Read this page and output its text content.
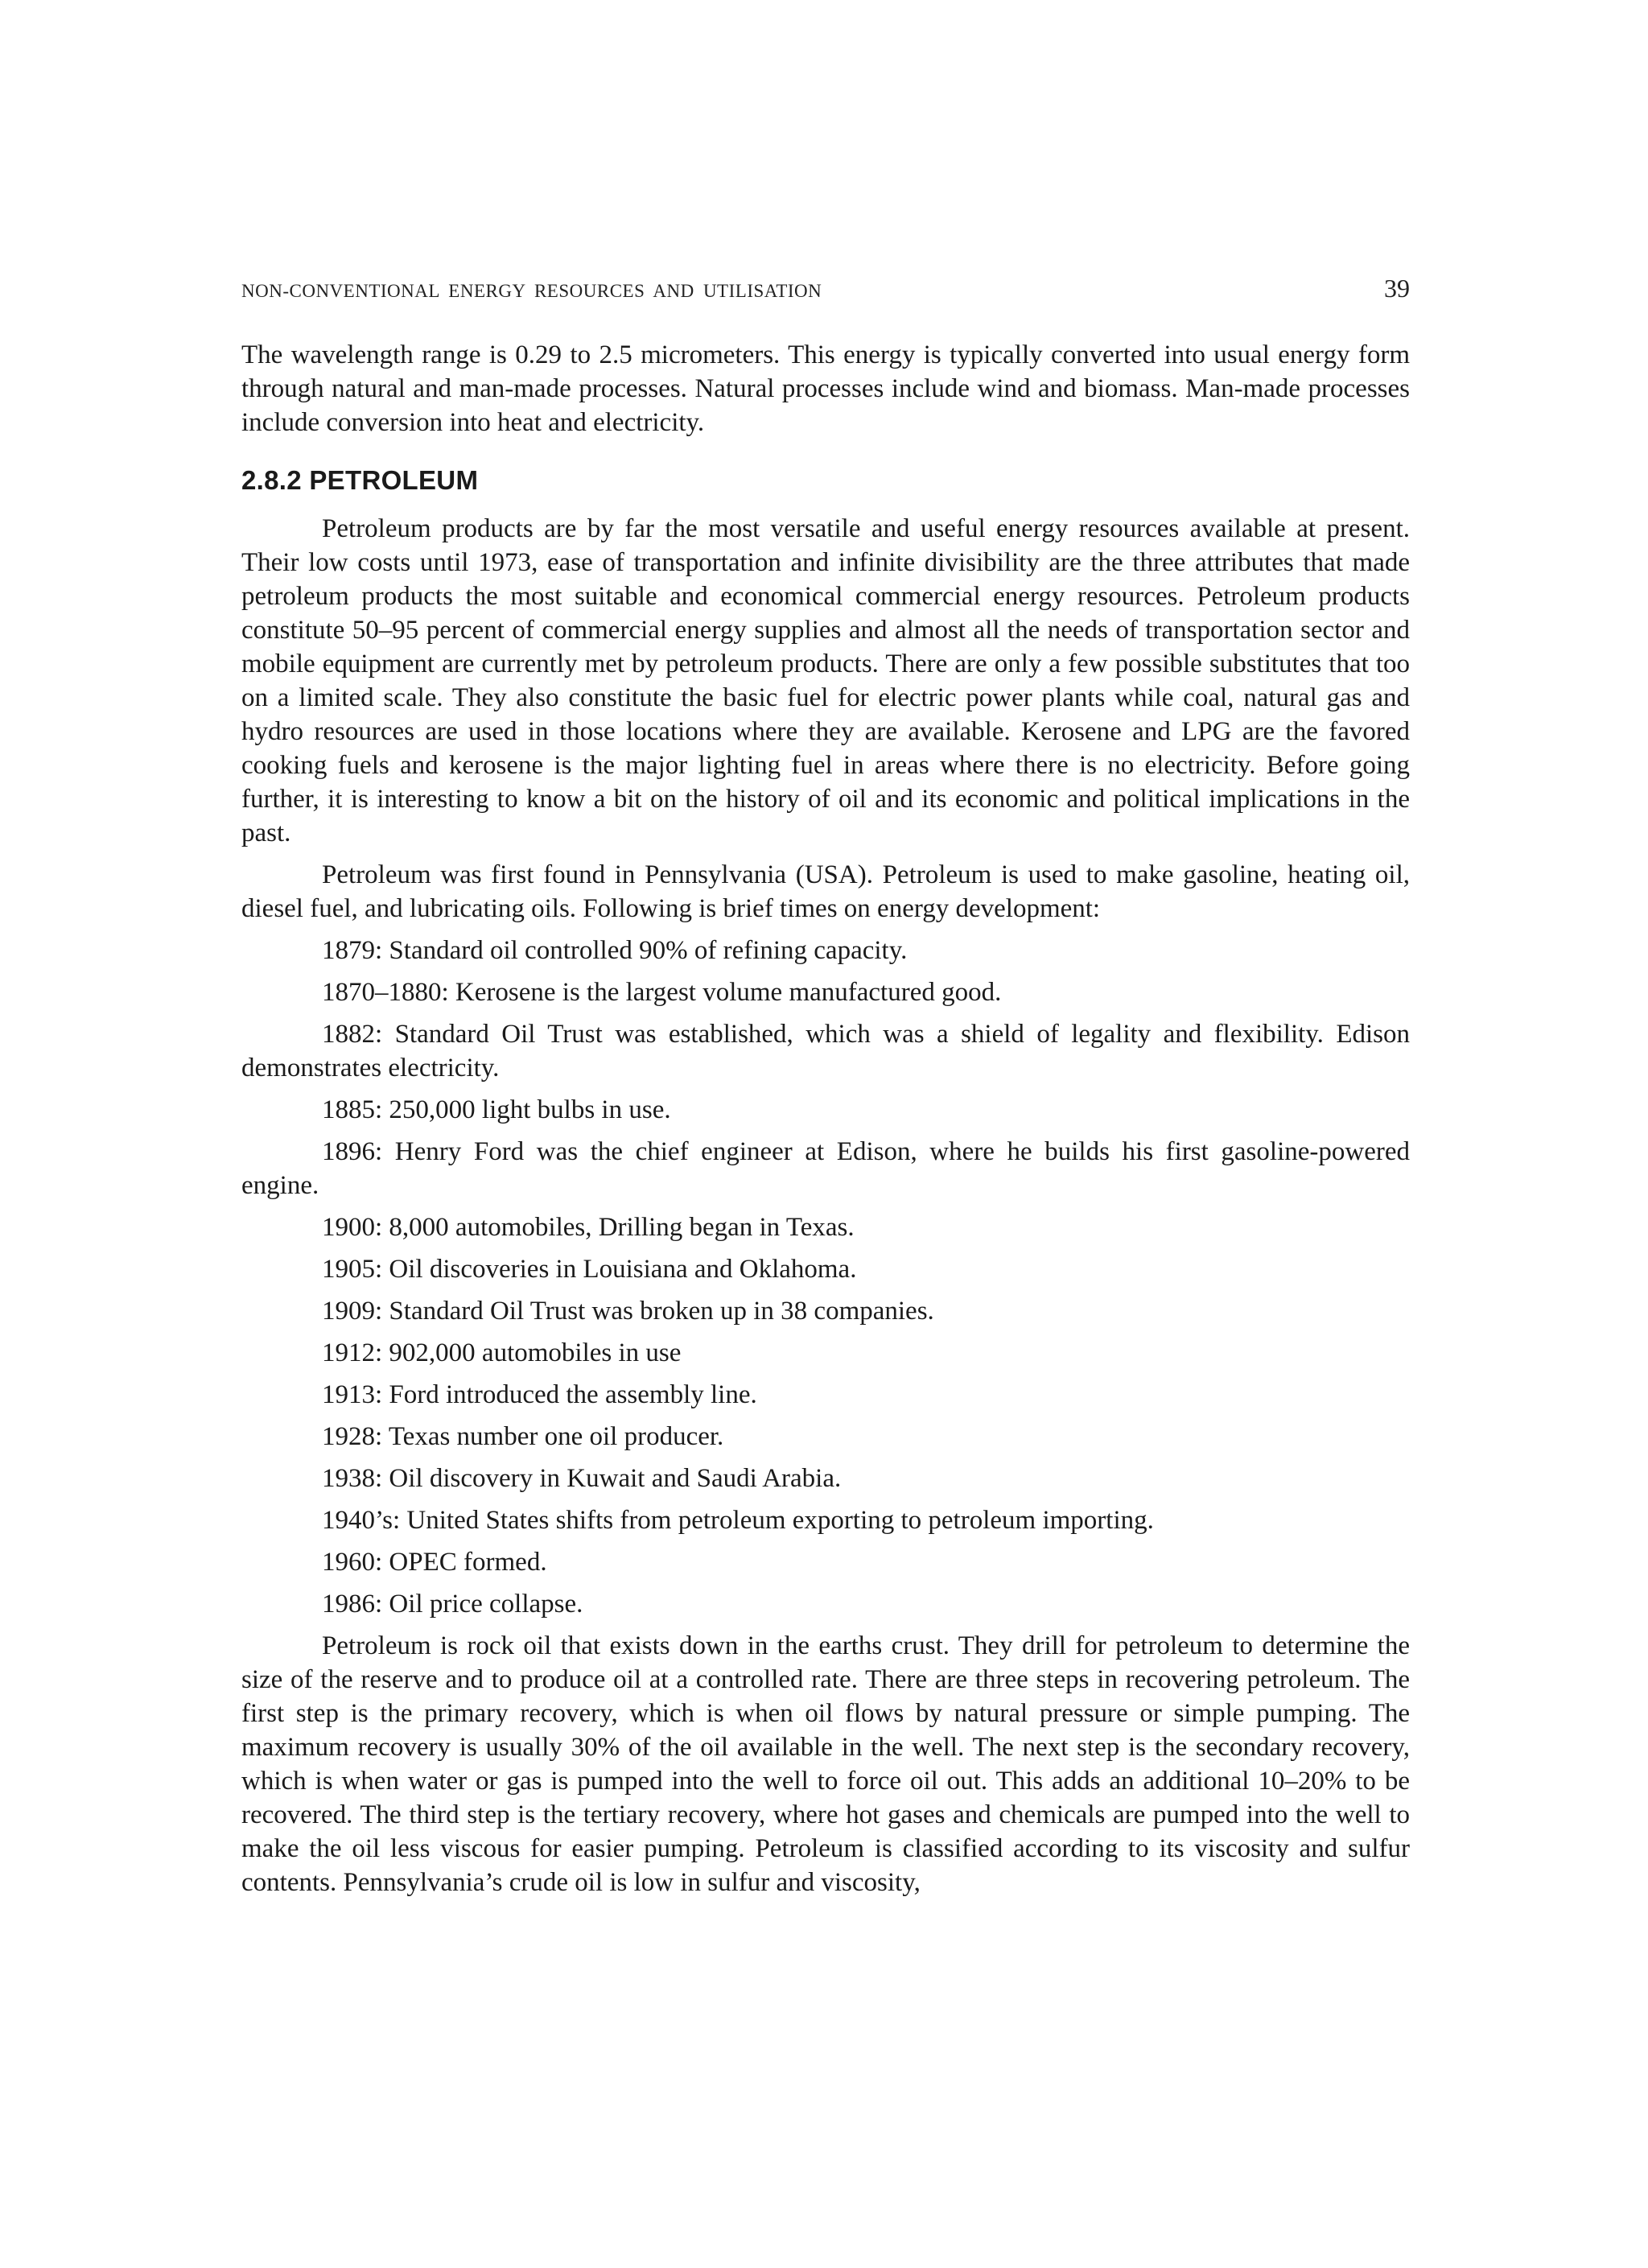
NON-CONVENTIONAL ENERGY RESOURCES AND UTILISATION	39

The wavelength range is 0.29 to 2.5 micrometers. This energy is typically converted into usual energy form through natural and man-made processes. Natural processes include wind and biomass. Man-made processes include conversion into heat and electricity.

2.8.2 PETROLEUM

Petroleum products are by far the most versatile and useful energy resources available at present. Their low costs until 1973, ease of transportation and infinite divisibility are the three attributes that made petroleum products the most suitable and economical commercial energy resources. Petroleum products constitute 50–95 percent of commercial energy supplies and almost all the needs of transportation sector and mobile equipment are currently met by petroleum products. There are only a few possible substitutes that too on a limited scale. They also constitute the basic fuel for electric power plants while coal, natural gas and hydro resources are used in those locations where they are available. Kerosene and LPG are the favored cooking fuels and kerosene is the major lighting fuel in areas where there is no electricity. Before going further, it is interesting to know a bit on the history of oil and its economic and political implications in the past.

Petroleum was first found in Pennsylvania (USA). Petroleum is used to make gasoline, heating oil, diesel fuel, and lubricating oils. Following is brief times on energy development:

1879: Standard oil controlled 90% of refining capacity.

1870–1880: Kerosene is the largest volume manufactured good.

1882: Standard Oil Trust was established, which was a shield of legality and flexibility. Edison demonstrates electricity.

1885: 250,000 light bulbs in use.

1896: Henry Ford was the chief engineer at Edison, where he builds his first gasoline-powered engine.

1900: 8,000 automobiles, Drilling began in Texas.

1905: Oil discoveries in Louisiana and Oklahoma.

1909: Standard Oil Trust was broken up in 38 companies.

1912: 902,000 automobiles in use

1913: Ford introduced the assembly line.

1928: Texas number one oil producer.

1938: Oil discovery in Kuwait and Saudi Arabia.

1940’s: United States shifts from petroleum exporting to petroleum importing.

1960: OPEC formed.

1986: Oil price collapse.

Petroleum is rock oil that exists down in the earths crust. They drill for petroleum to determine the size of the reserve and to produce oil at a controlled rate. There are three steps in recovering petroleum. The first step is the primary recovery, which is when oil flows by natural pressure or simple pumping. The maximum recovery is usually 30% of the oil available in the well. The next step is the secondary recovery, which is when water or gas is pumped into the well to force oil out. This adds an additional 10–20% to be recovered. The third step is the tertiary recovery, where hot gases and chemicals are pumped into the well to make the oil less viscous for easier pumping. Petroleum is classified according to its viscosity and sulfur contents. Pennsylvania’s crude oil is low in sulfur and viscosity,
